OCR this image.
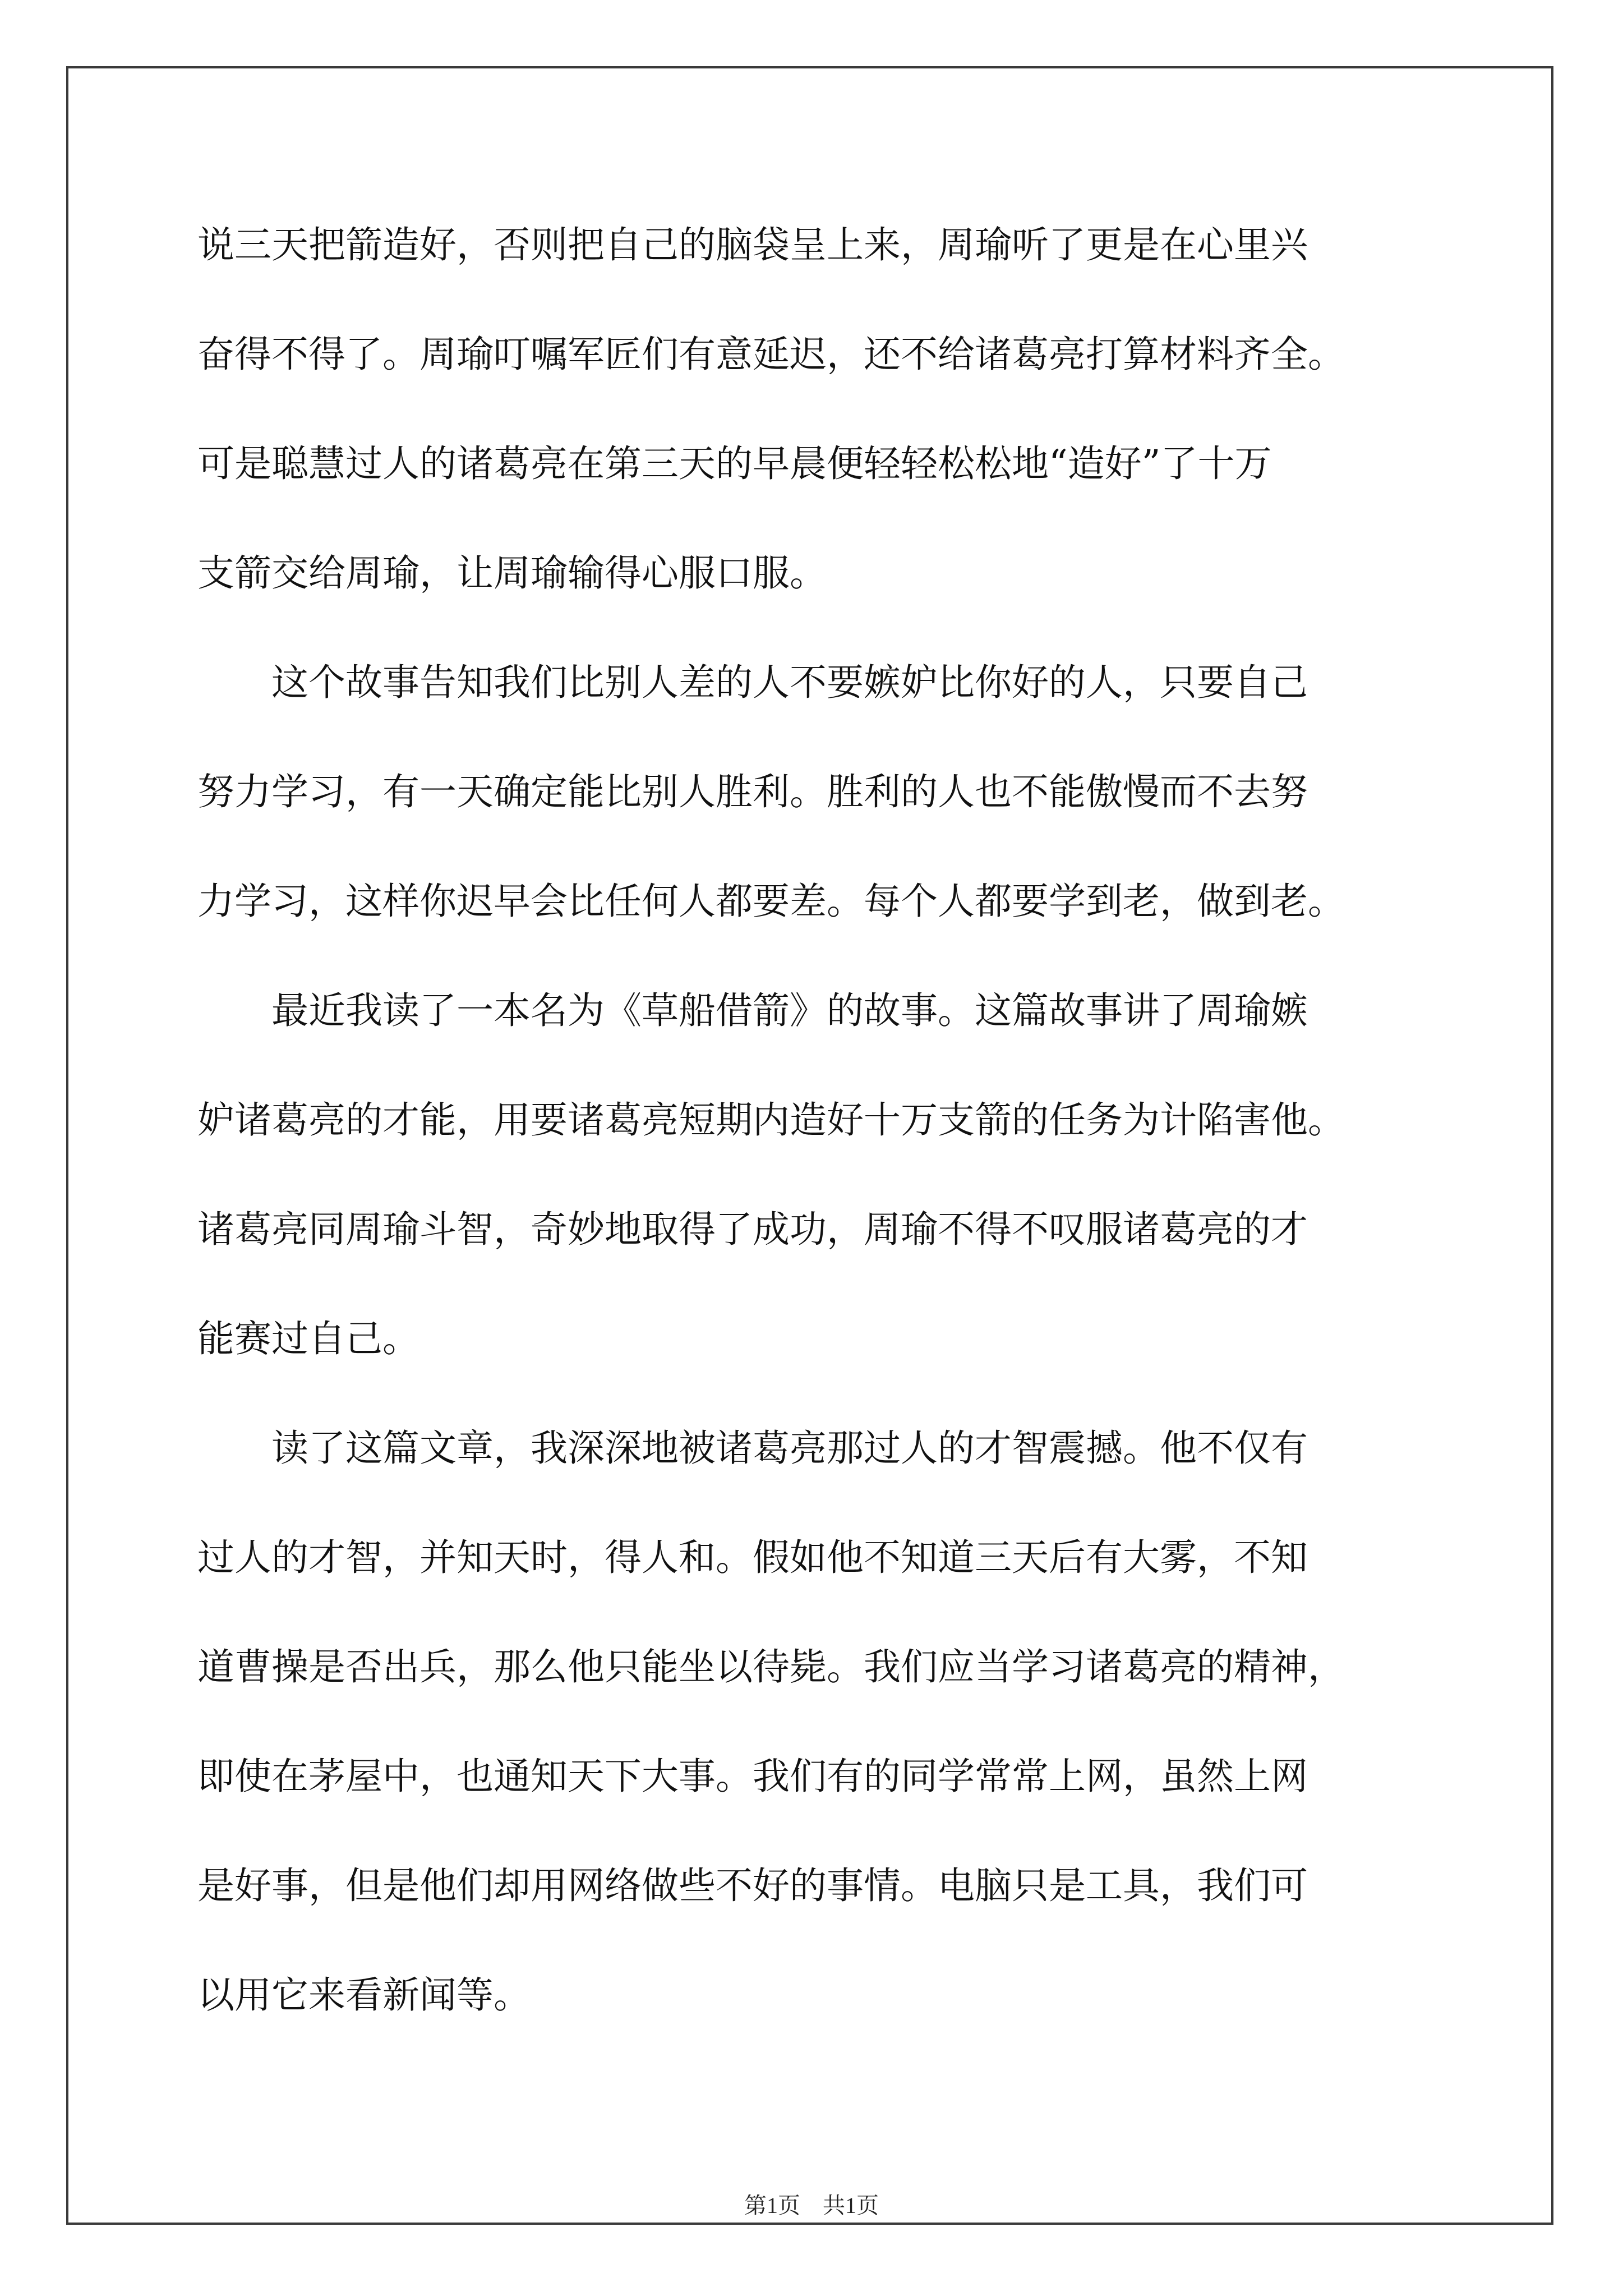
说三天把箭造好，否则把自己的脑袋呈上来，周瑜听了更是在心里兴

奋得不得了。周瑜叮嘱军匠们有意延迟，还不给诸葛亮打算材料齐全。

可是聪慧过人的诸葛亮在第三天的早晨便轻轻松松地“造好”了十万

支箭交给周瑜，让周瑜输得心服口服。

　　这个故事告知我们比别人差的人不要嫉妒比你好的人，只要自己

努力学习，有一天确定能比别人胜利。胜利的人也不能傲慢而不去努

力学习，这样你迟早会比任何人都要差。每个人都要学到老，做到老。

　　最近我读了一本名为《草船借箭》的故事。这篇故事讲了周瑜嫉

妒诸葛亮的才能，用要诸葛亮短期内造好十万支箭的任务为计陷害他。

诸葛亮同周瑜斗智，奇妙地取得了成功，周瑜不得不叹服诸葛亮的才

能赛过自己。

　　读了这篇文章，我深深地被诸葛亮那过人的才智震撼。他不仅有

过人的才智，并知天时，得人和。假如他不知道三天后有大雾，不知

道曹操是否出兵，那么他只能坐以待毙。我们应当学习诸葛亮的精神，

即使在茅屋中，也通知天下大事。我们有的同学常常上网，虽然上网

是好事，但是他们却用网络做些不好的事情。电脑只是工具，我们可

以用它来看新闻等。

第1页 共1页
